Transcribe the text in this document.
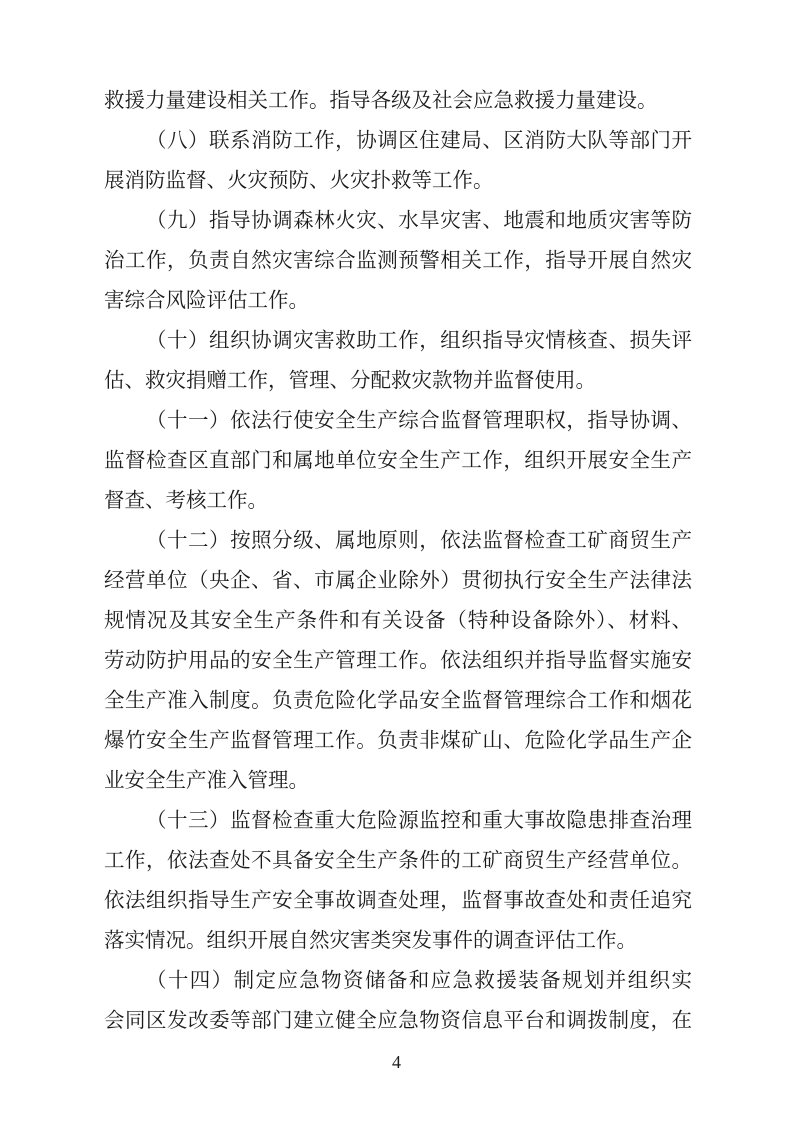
救援力量建设相关工作。指导各级及社会应急救援力量建设。
（八）联系消防工作，协调区住建局、区消防大队等部门开
展消防监督、火灾预防、火灾扑救等工作。
（九）指导协调森林火灾、水旱灾害、地震和地质灾害等防
治工作，负责自然灾害综合监测预警相关工作，指导开展自然灾
害综合风险评估工作。
（十）组织协调灾害救助工作，组织指导灾情核查、损失评
估、救灾捐赠工作，管理、分配救灾款物并监督使用。
（十一）依法行使安全生产综合监督管理职权，指导协调、
监督检查区直部门和属地单位安全生产工作，组织开展安全生产
督查、考核工作。
（十二）按照分级、属地原则，依法监督检查工矿商贸生产
经营单位（央企、省、市属企业除外）贯彻执行安全生产法律法
规情况及其安全生产条件和有关设备（特种设备除外）、材料、
劳动防护用品的安全生产管理工作。依法组织并指导监督实施安
全生产准入制度。负责危险化学品安全监督管理综合工作和烟花
爆竹安全生产监督管理工作。负责非煤矿山、危险化学品生产企
业安全生产准入管理。
（十三）监督检查重大危险源监控和重大事故隐患排查治理
工作，依法查处不具备安全生产条件的工矿商贸生产经营单位。
依法组织指导生产安全事故调查处理，监督事故查处和责任追究
落实情况。组织开展自然灾害类突发事件的调查评估工作。
（十四）制定应急物资储备和应急救援装备规划并组织实
会同区发改委等部门建立健全应急物资信息平台和调拨制度，在
4
